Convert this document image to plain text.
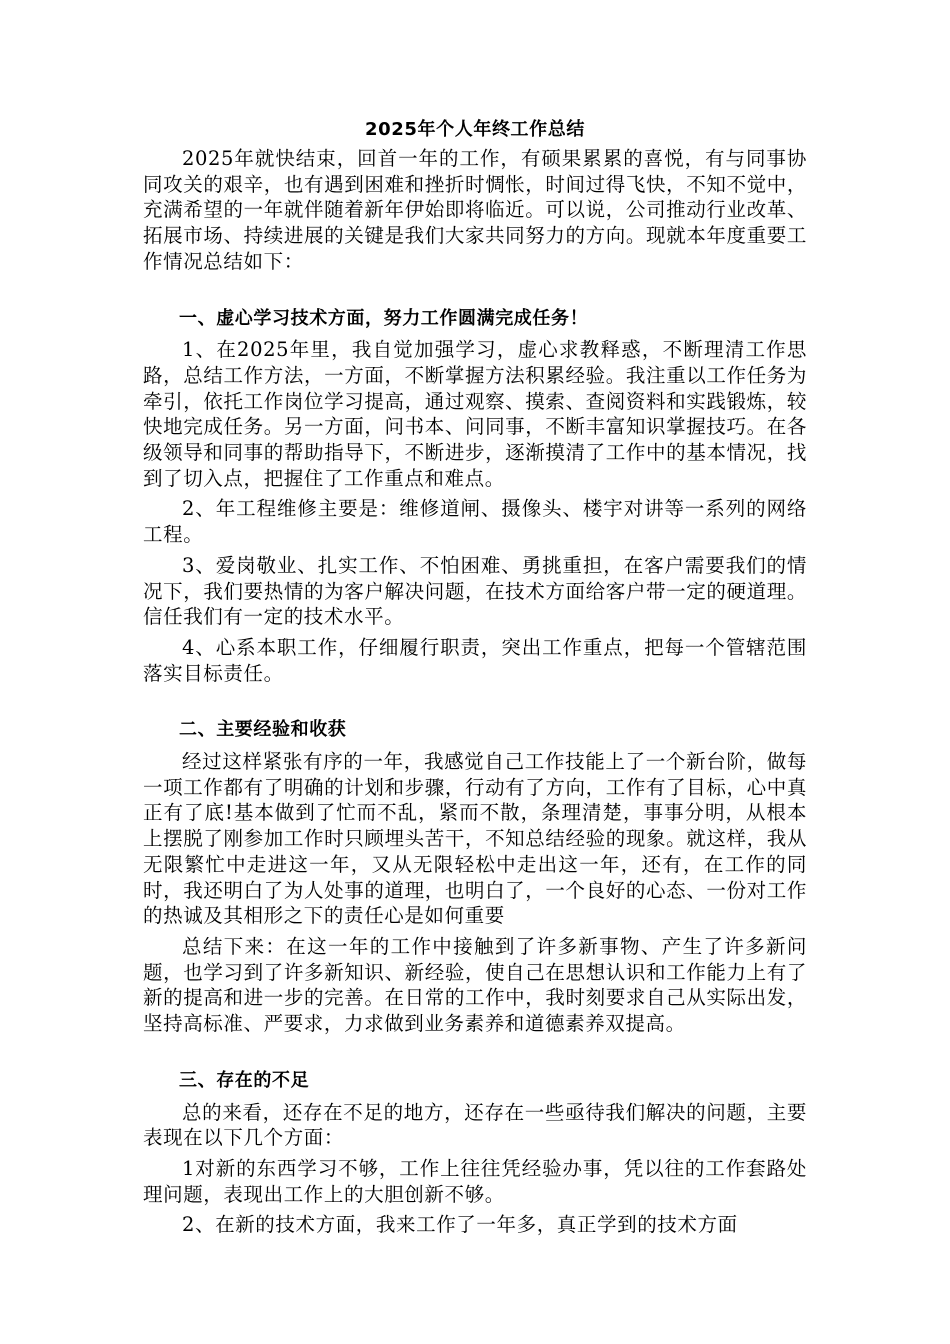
2025年个人年终工作总结

2025年就快结束，回首一年的工作，有硕果累累的喜悦，有与同事协同攻关的艰辛，也有遇到困难和挫折时惆怅，时间过得飞快，不知不觉中，充满希望的一年就伴随着新年伊始即将临近。可以说，公司推动行业改革、拓展市场、持续进展的关键是我们大家共同努力的方向。现就本年度重要工作情况总结如下：

一、虚心学习技术方面，努力工作圆满完成任务！

1、在2025年里，我自觉加强学习，虚心求教释惑，不断理清工作思路，总结工作方法，一方面，不断掌握方法积累经验。我注重以工作任务为牵引，依托工作岗位学习提高，通过观察、摸索、查阅资料和实践锻炼，较快地完成任务。另一方面，问书本、问同事，不断丰富知识掌握技巧。在各级领导和同事的帮助指导下，不断进步，逐渐摸清了工作中的基本情况，找到了切入点，把握住了工作重点和难点。

2、年工程维修主要是：维修道闸、摄像头、楼宇对讲等一系列的网络工程。

3、爱岗敬业、扎实工作、不怕困难、勇挑重担，在客户需要我们的情况下，我们要热情的为客户解决问题，在技术方面给客户带一定的硬道理。信任我们有一定的技术水平。

4、心系本职工作，仔细履行职责，突出工作重点，把每一个管辖范围落实目标责任。

二、主要经验和收获

经过这样紧张有序的一年，我感觉自己工作技能上了一个新台阶，做每一项工作都有了明确的计划和步骤，行动有了方向，工作有了目标，心中真正有了底!基本做到了忙而不乱，紧而不散，条理清楚，事事分明，从根本上摆脱了刚参加工作时只顾埋头苦干，不知总结经验的现象。就这样，我从无限繁忙中走进这一年，又从无限轻松中走出这一年，还有，在工作的同时，我还明白了为人处事的道理，也明白了，一个良好的心态、一份对工作的热诚及其相形之下的责任心是如何重要

总结下来：在这一年的工作中接触到了许多新事物、产生了许多新问题，也学习到了许多新知识、新经验，使自己在思想认识和工作能力上有了新的提高和进一步的完善。在日常的工作中，我时刻要求自己从实际出发，坚持高标准、严要求，力求做到业务素养和道德素养双提高。

三、存在的不足

总的来看，还存在不足的地方，还存在一些亟待我们解决的问题，主要表现在以下几个方面：

1对新的东西学习不够，工作上往往凭经验办事，凭以往的工作套路处理问题，表现出工作上的大胆创新不够。

2、在新的技术方面，我来工作了一年多，真正学到的技术方面
